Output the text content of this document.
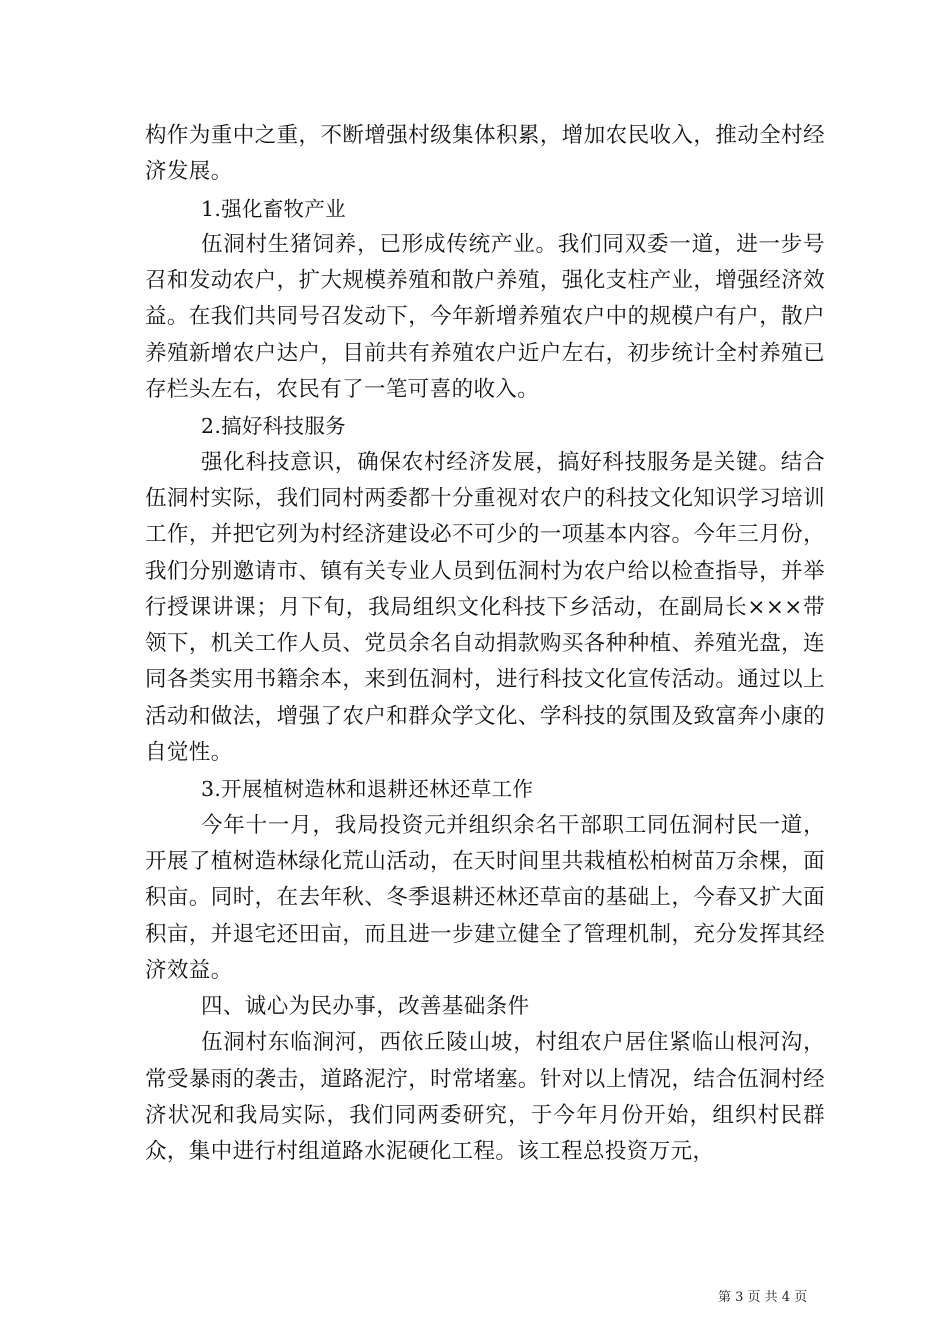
构作为重中之重，不断增强村级集体积累，增加农民收入，推动全村经济发展。

1.强化畜牧产业

伍洞村生猪饲养，已形成传统产业。我们同双委一道，进一步号召和发动农户，扩大规模养殖和散户养殖，强化支柱产业，增强经济效益。在我们共同号召发动下，今年新增养殖农户中的规模户有户，散户养殖新增农户达户，目前共有养殖农户近户左右，初步统计全村养殖已存栏头左右，农民有了一笔可喜的收入。

2.搞好科技服务

强化科技意识，确保农村经济发展，搞好科技服务是关键。结合伍洞村实际，我们同村两委都十分重视对农户的科技文化知识学习培训工作，并把它列为村经济建设必不可少的一项基本内容。今年三月份，我们分别邀请市、镇有关专业人员到伍洞村为农户给以检查指导，并举行授课讲课；月下旬，我局组织文化科技下乡活动，在副局长×××带领下，机关工作人员、党员余名自动捐款购买各种种植、养殖光盘，连同各类实用书籍余本，来到伍洞村，进行科技文化宣传活动。通过以上活动和做法，增强了农户和群众学文化、学科技的氛围及致富奔小康的自觉性。

3.开展植树造林和退耕还林还草工作

今年十一月，我局投资元并组织余名干部职工同伍洞村民一道，开展了植树造林绿化荒山活动，在天时间里共栽植松柏树苗万余棵，面积亩。同时，在去年秋、冬季退耕还林还草亩的基础上，今春又扩大面积亩，并退宅还田亩，而且进一步建立健全了管理机制，充分发挥其经济效益。

四、诚心为民办事，改善基础条件

伍洞村东临涧河，西依丘陵山坡，村组农户居住紧临山根河沟，常受暴雨的袭击，道路泥泞，时常堵塞。针对以上情况，结合伍洞村经济状况和我局实际，我们同两委研究，于今年月份开始，组织村民群众，集中进行村组道路水泥硬化工程。该工程总投资万元，

第 3 页 共 4 页
